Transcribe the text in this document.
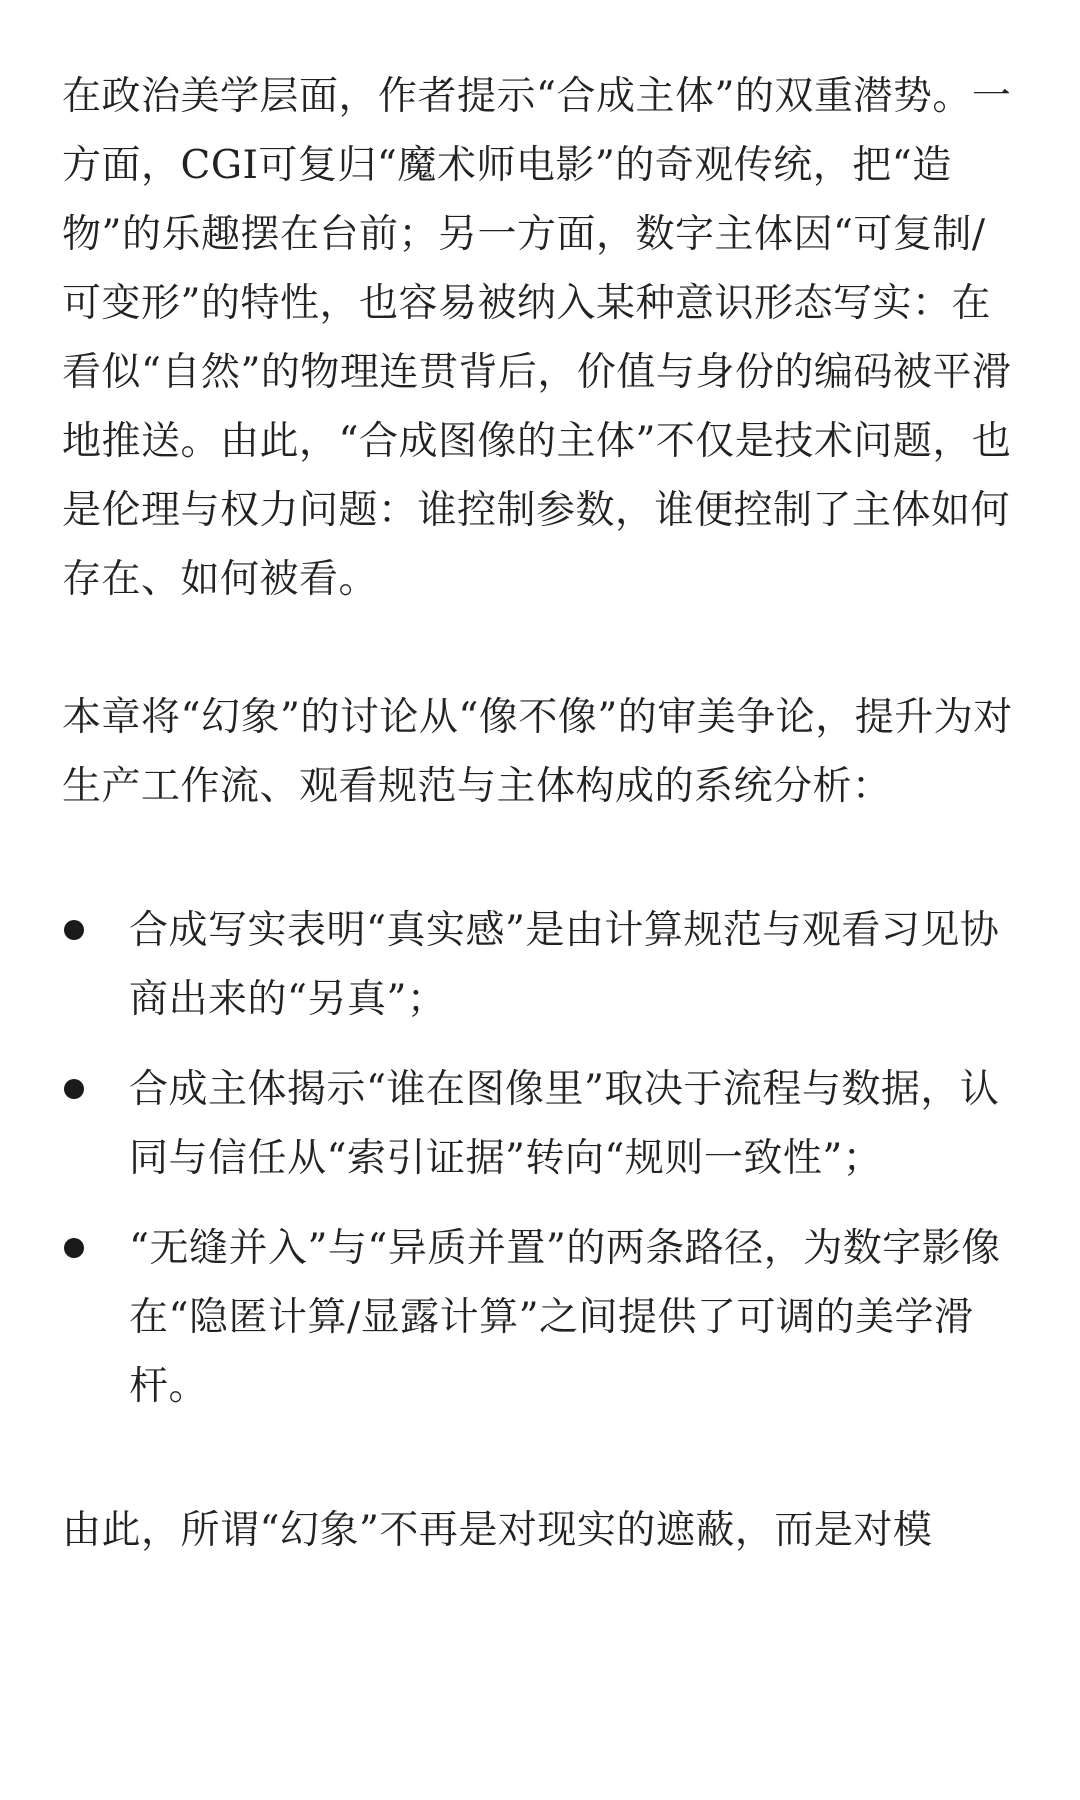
在政治美学层面，作者提示“合成主体”的双重潜势。一方面，CGI可复归“魔术师电影”的奇观传统，把“造物”的乐趣摆在台前；另一方面，数字主体因“可复制/可变形”的特性，也容易被纳入某种意识形态写实：在看似“自然”的物理连贯背后，价值与身份的编码被平滑地推送。由此，“合成图像的主体”不仅是技术问题，也是伦理与权力问题：谁控制参数，谁便控制了主体如何存在、如何被看。

本章将“幻象”的讨论从“像不像”的审美争论，提升为对生产工作流、观看规范与主体构成的系统分析：

合成写实表明“真实感”是由计算规范与观看习见协商出来的“另真”；
合成主体揭示“谁在图像里”取决于流程与数据，认同与信任从“索引证据”转向“规则一致性”；
“无缝并入”与“异质并置”的两条路径，为数字影像在“隐匿计算/显露计算”之间提供了可调的美学滑杆。

由此，所谓“幻象”不再是对现实的遮蔽，而是对模
